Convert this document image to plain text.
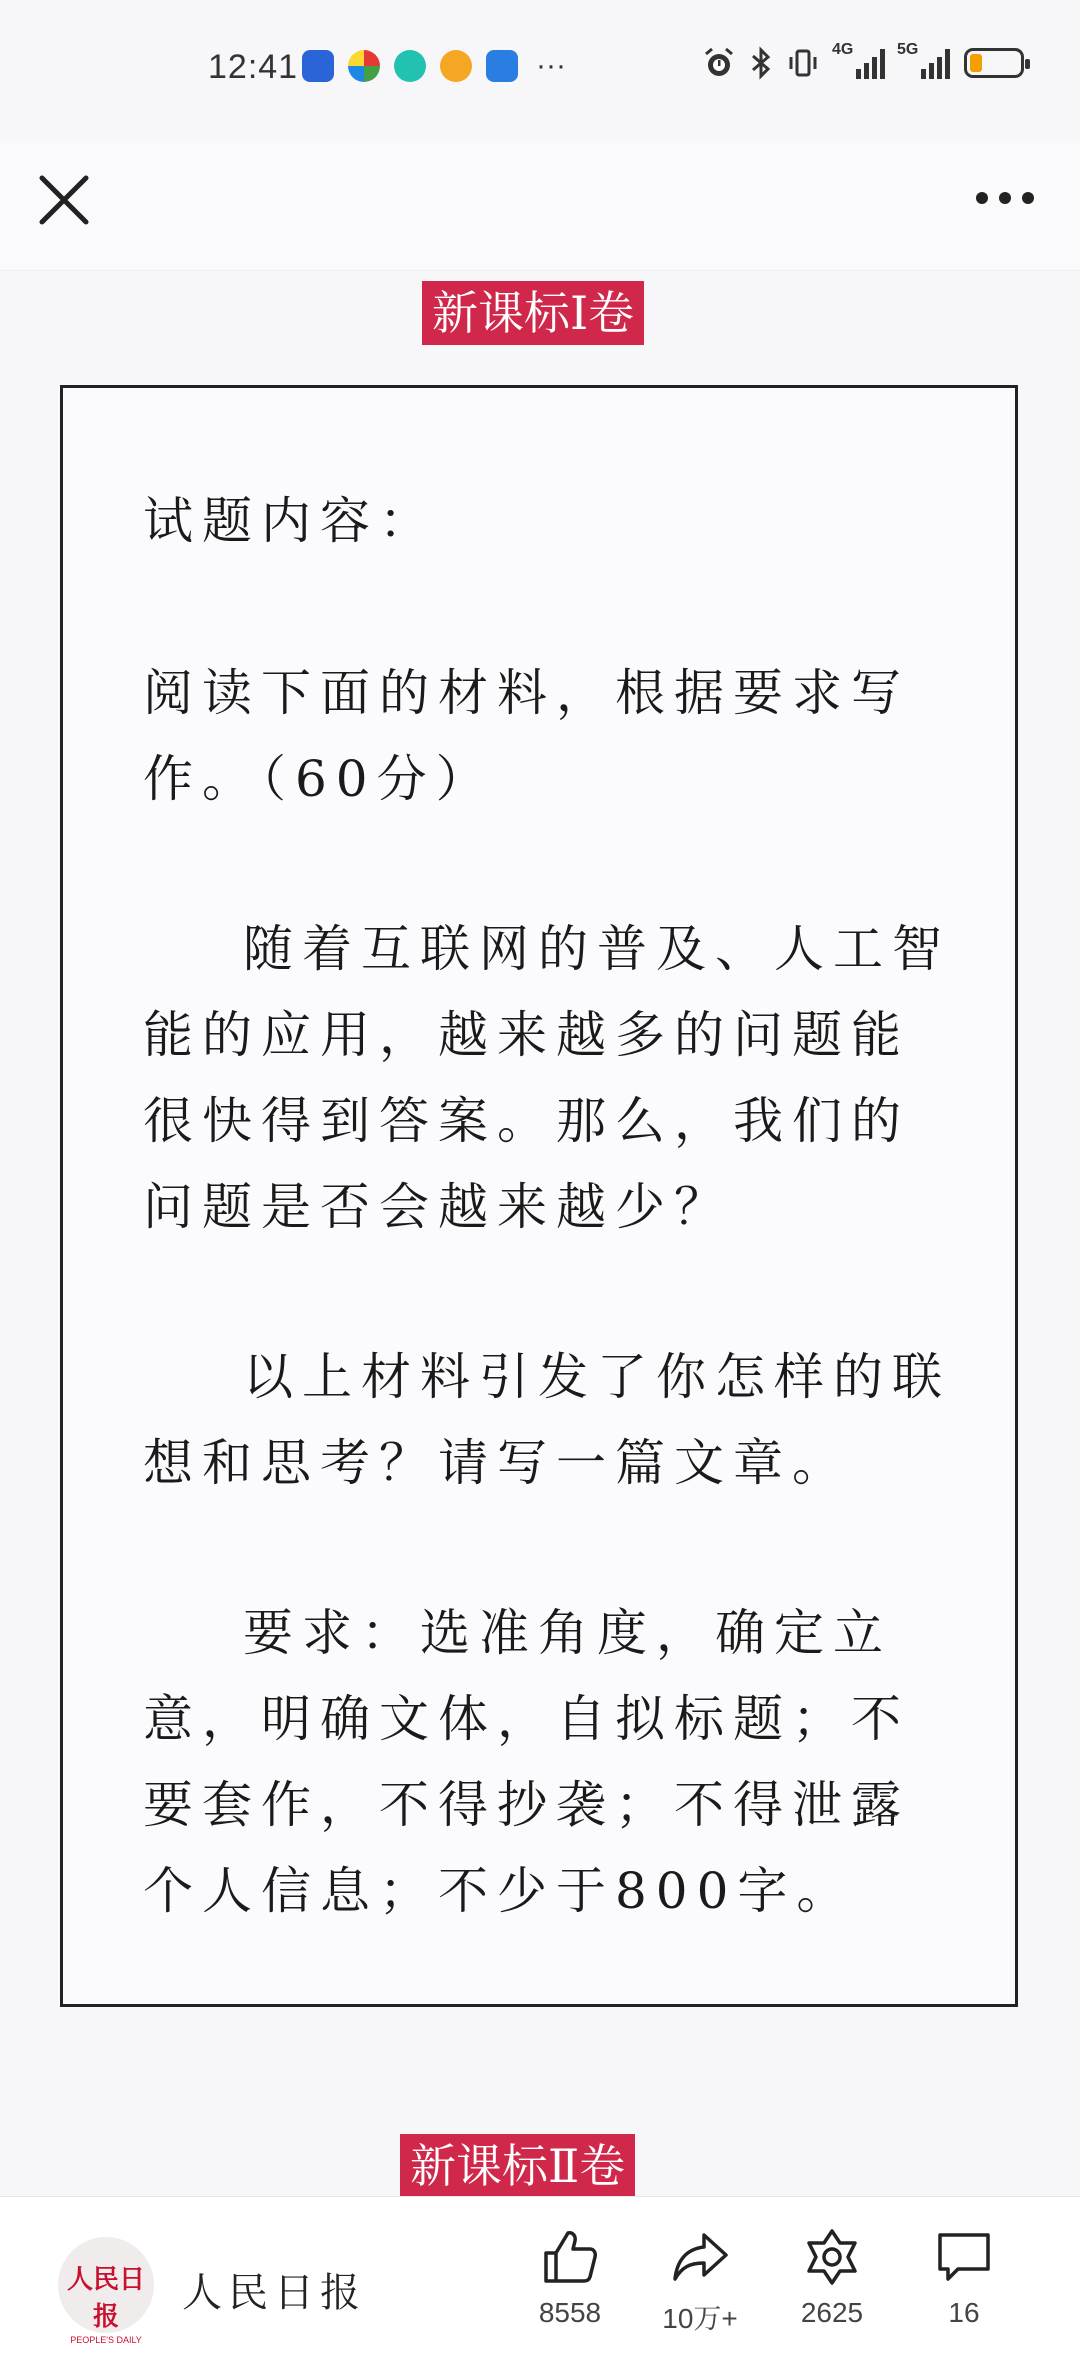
12:41	···	4G	5G
新课标Ⅰ卷

试题内容：

阅读下面的材料，根据要求写作。（60分）

随着互联网的普及、人工智能的应用，越来越多的问题能很快得到答案。那么，我们的问题是否会越来越少？

以上材料引发了你怎样的联想和思考？请写一篇文章。

要求：选准角度，确定立意，明确文体，自拟标题；不要套作，不得抄袭；不得泄露个人信息；不少于800字。

新课标Ⅱ卷
人民日报
PEOPLE'S DAILY
人民日报	8558	10万+	2625	16
